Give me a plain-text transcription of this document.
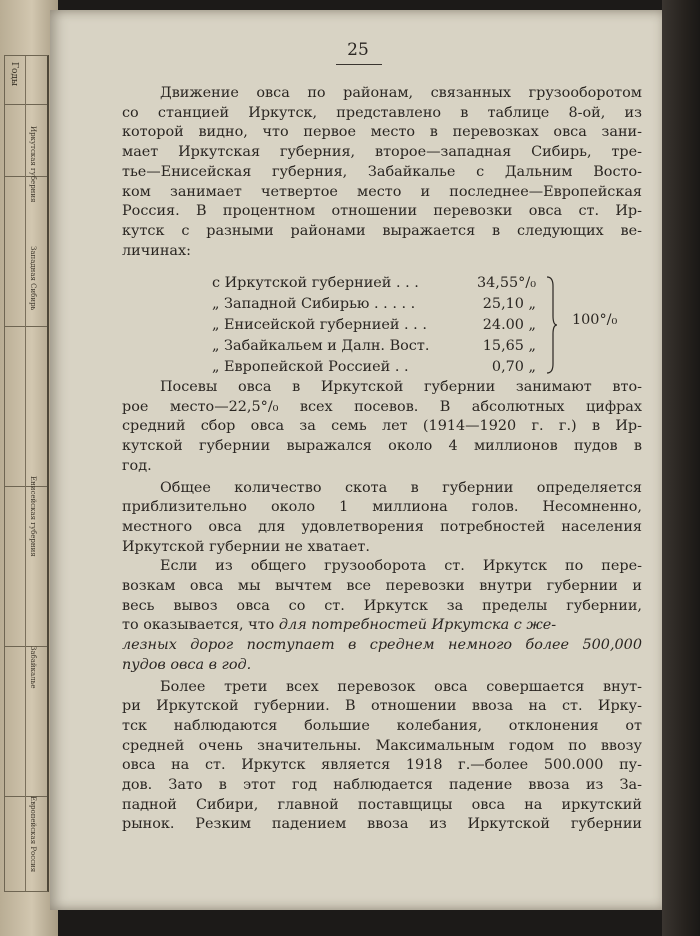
Годы
Иркутская губерния
Западная Сибирь
Енисейская губерния
Забайкалье
Европейская Россия
25
Движение овса по районам, связанных грузооборотом
со станцией Иркутск, представлено в таблице 8-ой, из
которой видно, что первое место в перевозках овса зани-
мает Иркутская губерния, второе—западная Сибирь, тре-
тье—Енисейская губерния, Забайкалье с Дальним Восто-
ком занимает четвертое место и последнее—Европейская
Россия. В процентном отношении перевозки овса ст. Ир-
кутск с разными районами выражается в следующих ве-
личинах:
с Иркутской губернией . . .	34,55°/₀
„ Западной Сибирью . . . . .	25,10 „
„ Енисейской губернией . . .	24.00 „
„ Забайкальем и Далн. Вост.	15,65 „
„ Европейской Россией . .	0,70 „
100°/₀
Посевы овса в Иркутской губернии занимают вто-
рое место—22,5°/₀ всех посевов. В абсолютных цифрах
средний сбор овса за семь лет (1914—1920 г. г.) в Ир-
кутской губернии выражался около 4 миллионов пудов в
год.
Общее количество скота в губернии определяется
приблизительно около 1 миллиона голов. Несомненно,
местного овса для удовлетворения потребностей населения
Иркутской губернии не хватает.
Если из общего грузооборота ст. Иркутск по пере-
возкам овса мы вычтем все перевозки внутри губернии и
весь вывоз овса со ст. Иркутск за пределы губернии,
то оказывается, что для потребностей Иркутска с же-
лезных дорог поступает в среднем немного более 500,000
пудов овса в год.
Более трети всех перевозок овса совершается внут-
ри Иркутской губернии. В отношении ввоза на ст. Ирку-
тск наблюдаются большие колебания, отклонения от
средней очень значительны. Максимальным годом по ввозу
овса на ст. Иркутск является 1918 г.—более 500.000 пу-
дов. Зато в этот год наблюдается падение ввоза из За-
падной Сибири, главной поставщицы овса на иркутский
рынок. Резким падением ввоза из Иркутской губернии
